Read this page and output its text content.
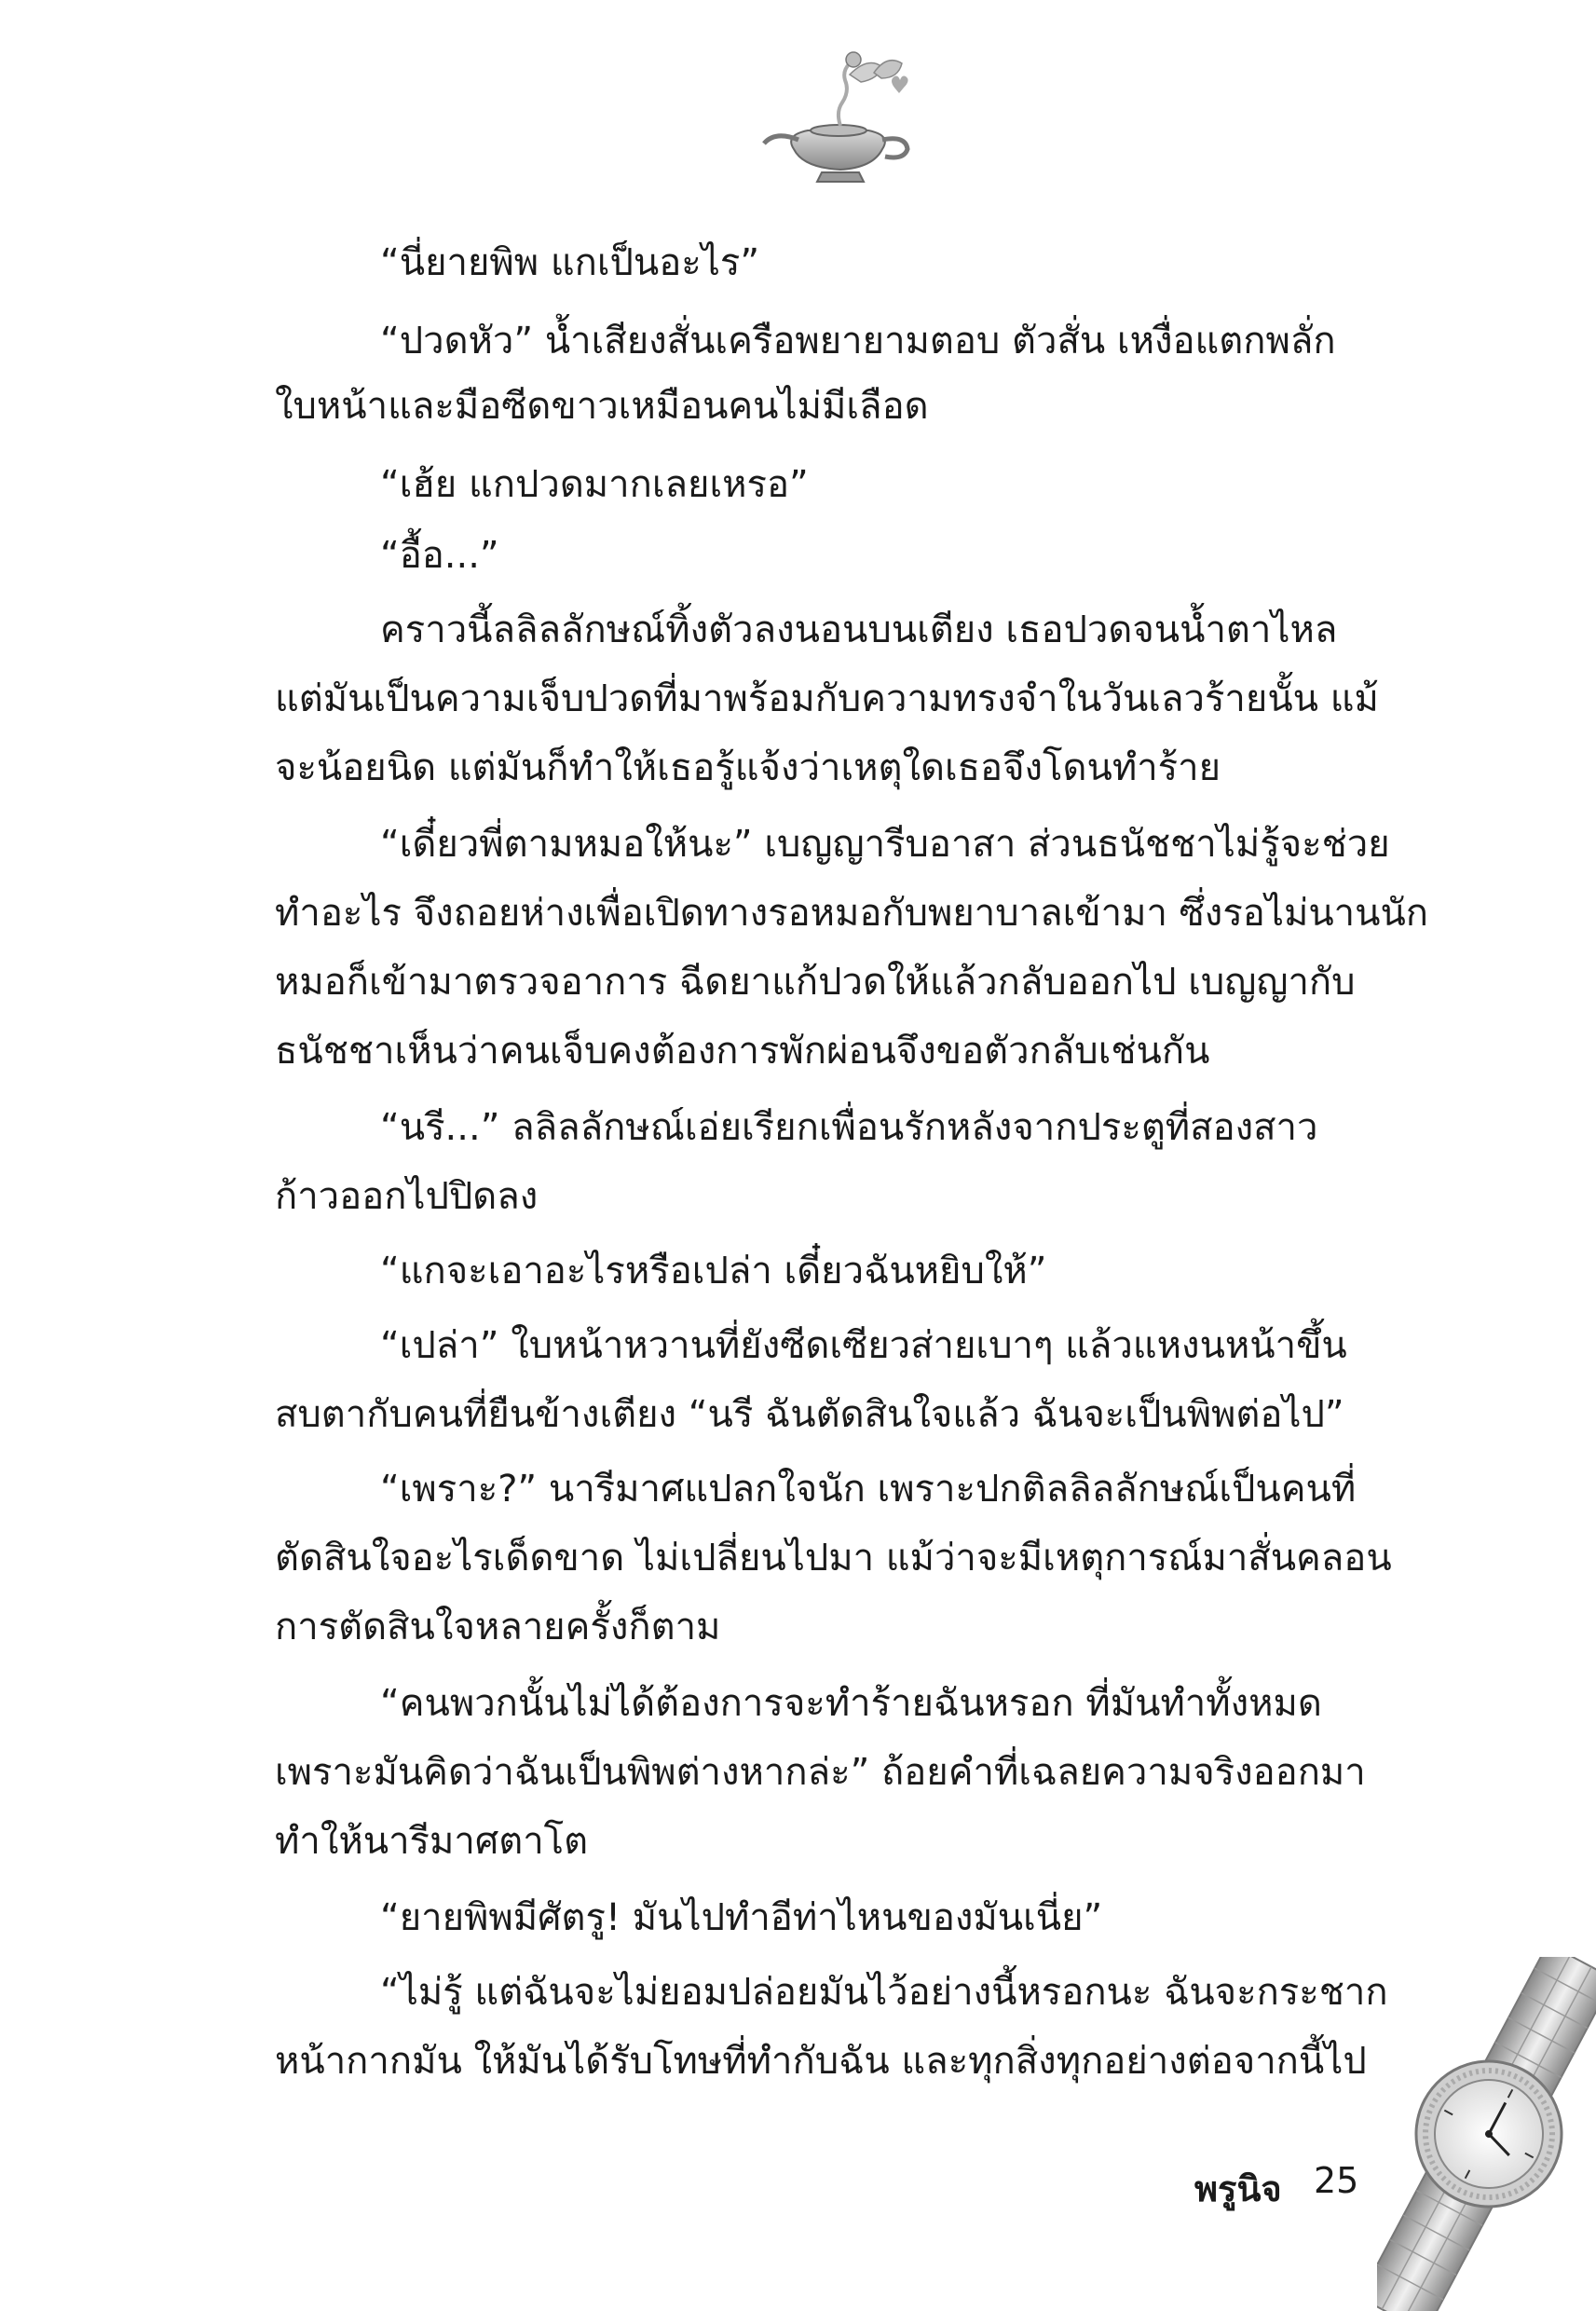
“นี่ยายพิพ แกเป็นอะไร”
“ปวดหัว” น้ำเสียงสั่นเครือพยายามตอบ ตัวสั่น เหงื่อแตกพลั่ก
ใบหน้าและมือซีดขาวเหมือนคนไม่มีเลือด
“เฮ้ย แกปวดมากเลยเหรอ”
“อื้อ...”
คราวนี้ลลิลลักษณ์ทิ้งตัวลงนอนบนเตียง เธอปวดจนน้ำตาไหล
แต่มันเป็นความเจ็บปวดที่มาพร้อมกับความทรงจำในวันเลวร้ายนั้น แม้
จะน้อยนิด แต่มันก็ทำให้เธอรู้แจ้งว่าเหตุใดเธอจึงโดนทำร้าย
“เดี๋ยวพี่ตามหมอให้นะ” เบญญารีบอาสา ส่วนธนัชชาไม่รู้จะช่วย
ทำอะไร จึงถอยห่างเพื่อเปิดทางรอหมอกับพยาบาลเข้ามา ซึ่งรอไม่นานนัก
หมอก็เข้ามาตรวจอาการ ฉีดยาแก้ปวดให้แล้วกลับออกไป เบญญากับ
ธนัชชาเห็นว่าคนเจ็บคงต้องการพักผ่อนจึงขอตัวกลับเช่นกัน
“นรี...” ลลิลลักษณ์เอ่ยเรียกเพื่อนรักหลังจากประตูที่สองสาว
ก้าวออกไปปิดลง
“แกจะเอาอะไรหรือเปล่า เดี๋ยวฉันหยิบให้”
“เปล่า” ใบหน้าหวานที่ยังซีดเซียวส่ายเบาๆ แล้วแหงนหน้าขึ้น
สบตากับคนที่ยืนข้างเตียง “นรี ฉันตัดสินใจแล้ว ฉันจะเป็นพิพต่อไป”
“เพราะ?” นารีมาศแปลกใจนัก เพราะปกติลลิลลักษณ์เป็นคนที่
ตัดสินใจอะไรเด็ดขาด ไม่เปลี่ยนไปมา แม้ว่าจะมีเหตุการณ์มาสั่นคลอน
การตัดสินใจหลายครั้งก็ตาม
“คนพวกนั้นไม่ได้ต้องการจะทำร้ายฉันหรอก ที่มันทำทั้งหมด
เพราะมันคิดว่าฉันเป็นพิพต่างหากล่ะ” ถ้อยคำที่เฉลยความจริงออกมา
ทำให้นารีมาศตาโต
“ยายพิพมีศัตรู! มันไปทำอีท่าไหนของมันเนี่ย”
“ไม่รู้ แต่ฉันจะไม่ยอมปล่อยมันไว้อย่างนี้หรอกนะ ฉันจะกระชาก
หน้ากากมัน ให้มันได้รับโทษที่ทำกับฉัน และทุกสิ่งทุกอย่างต่อจากนี้ไป
พรูนิจ 25
